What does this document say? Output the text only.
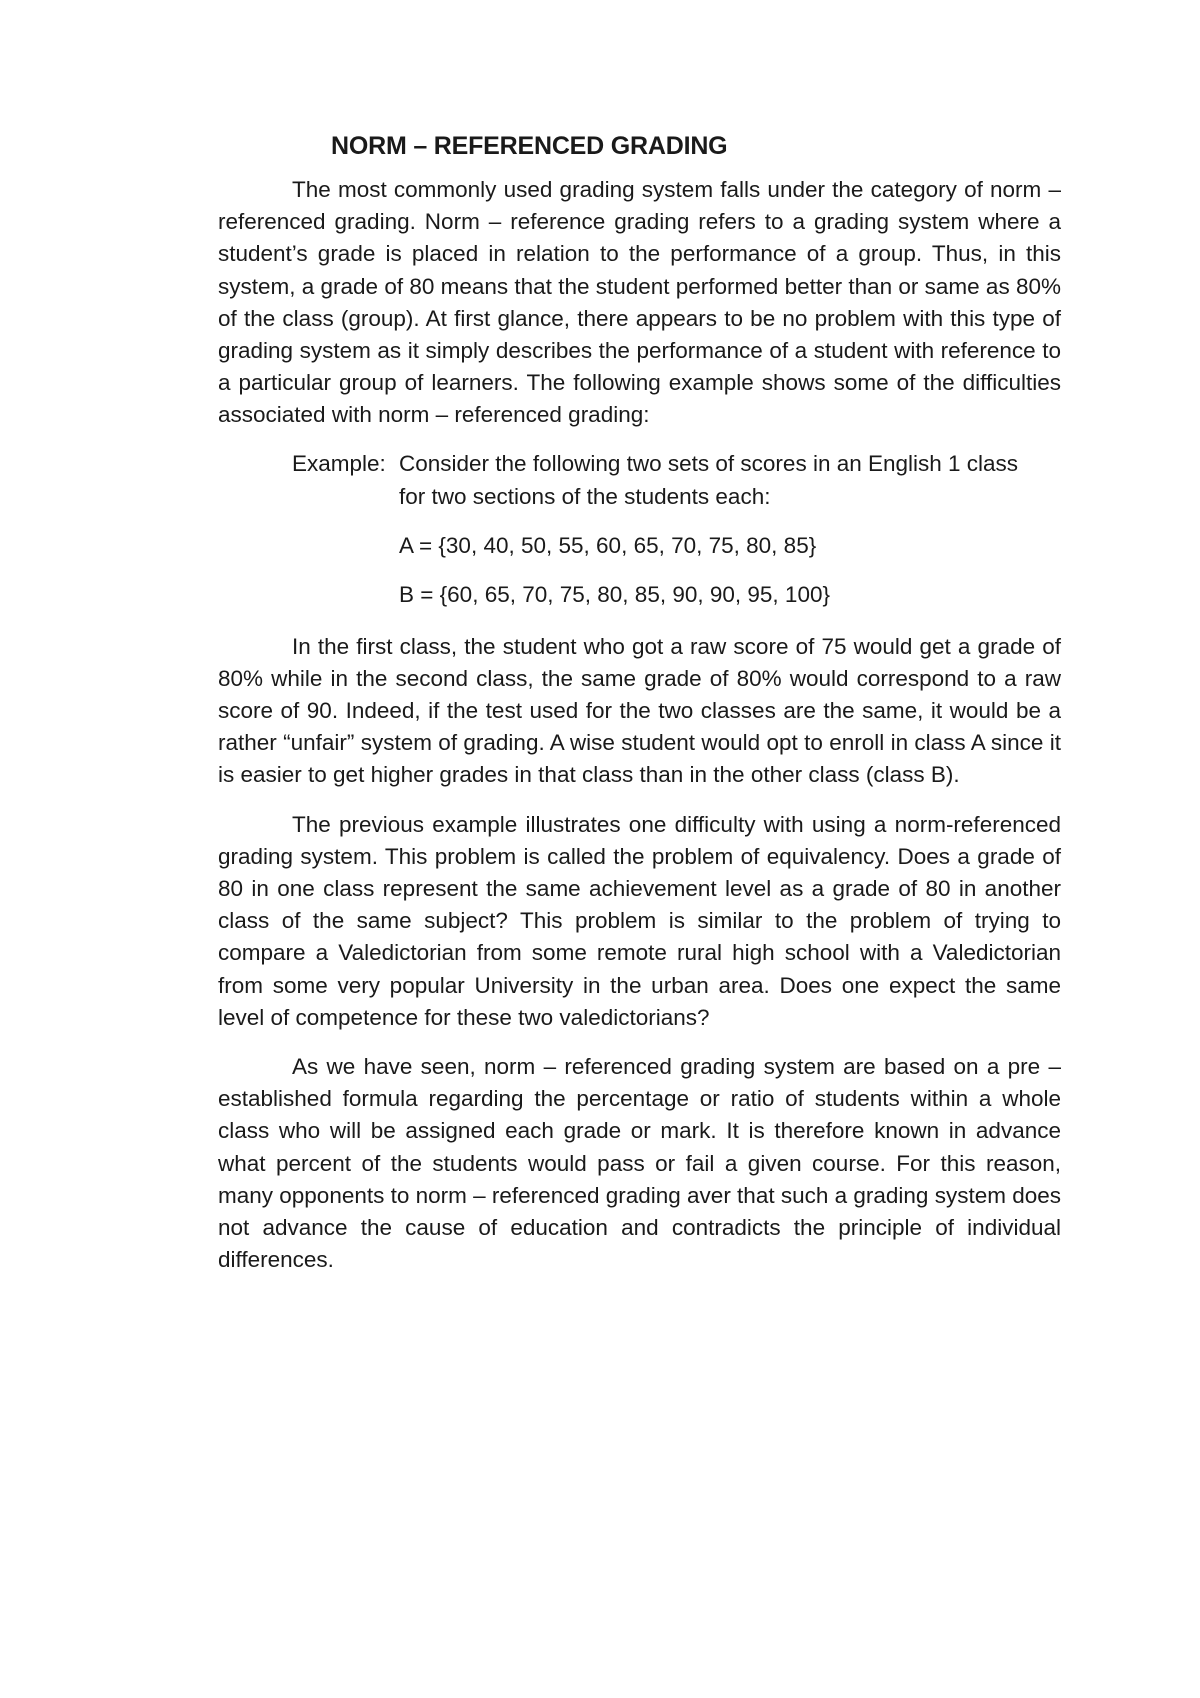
NORM – REFERENCED GRADING

The most commonly used grading system falls under the category of norm – referenced grading. Norm – reference grading refers to a grading system where a student’s grade is placed in relation to the performance of a group. Thus, in this system, a grade of 80 means that the student performed better than or same as 80% of the class (group). At first glance, there appears to be no problem with this type of grading system as it simply describes the performance of a student with reference to a particular group of learners. The following example shows some of the difficulties associated with norm – referenced grading:

Example: Consider the following two sets of scores in an English 1 class
for two sections of the students each:
A = {30, 40, 50, 55, 60, 65, 70, 75, 80, 85}
B = {60, 65, 70, 75, 80, 85, 90, 90, 95, 100}

In the first class, the student who got a raw score of 75 would get a grade of 80% while in the second class, the same grade of 80% would correspond to a raw score of 90. Indeed, if the test used for the two classes are the same, it would be a rather “unfair” system of grading. A wise student would opt to enroll in class A since it is easier to get higher grades in that class than in the other class (class B).

The previous example illustrates one difficulty with using a norm-referenced grading system. This problem is called the problem of equivalency. Does a grade of 80 in one class represent the same achievement level as a grade of 80 in another class of the same subject? This problem is similar to the problem of trying to compare a Valedictorian from some remote rural high school with a Valedictorian from some very popular University in the urban area. Does one expect the same level of competence for these two valedictorians?

As we have seen, norm – referenced grading system are based on a pre – established formula regarding the percentage or ratio of students within a whole class who will be assigned each grade or mark. It is therefore known in advance what percent of the students would pass or fail a given course. For this reason, many opponents to norm – referenced grading aver that such a grading system does not advance the cause of education and contradicts the principle of individual differences.
